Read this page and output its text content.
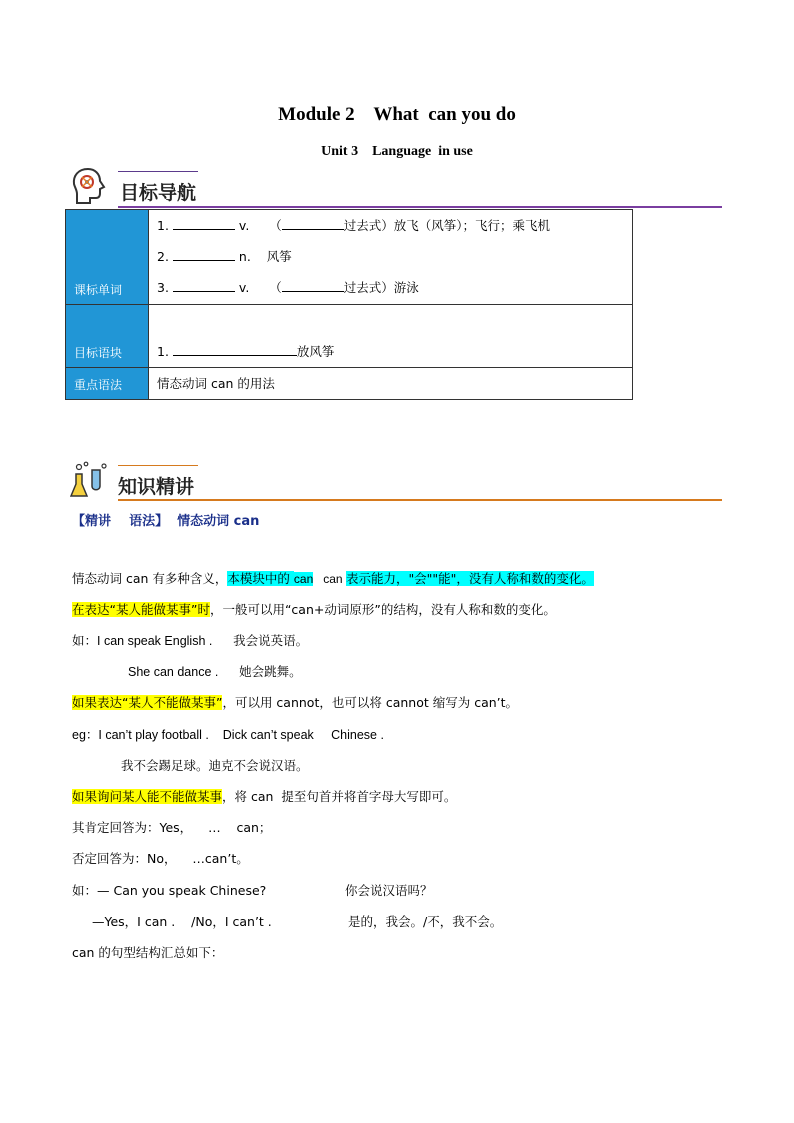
Module 2    What  can you do
Unit 3    Language  in use
目标导航
课标单词	1. v. （ 过去式）放飞（风筝）；飞行；乘飞机
2. n. 风筝
3. v. （ 过去式）游泳

目标语块	1. 放风筝

重点语法	情态动词 can 的用法
知识精讲
【精讲    语法】  情态动词 can
情态动词 can 有多种含义，本模块中的 can   can 表示能力，"会""能"，没有人称和数的变化。
在表达“某人能做某事”时，一般可以用“can+动词原形”的结构，没有人称和数的变化。
如：I can speak English .      我会说英语。
She can dance .      她会跳舞。
如果表达“某人不能做某事”，可以用 cannot，也可以将 cannot 缩写为 can’t。
eg：I can’t play football .    Dick can’t speak     Chinese .
我不会踢足球。迪克不会说汉语。
如果询问某人能不能做某事，将 can  提至句首并将首字母大写即可。
其肯定回答为：Yes，    …    can；
否定回答为：No，    …can’t。
如：— Can you speak Chinese?	你会说汉语吗？
—Yes，I can .    /No，I can’t .	是的，我会。/不，我不会。
can 的句型结构汇总如下：
